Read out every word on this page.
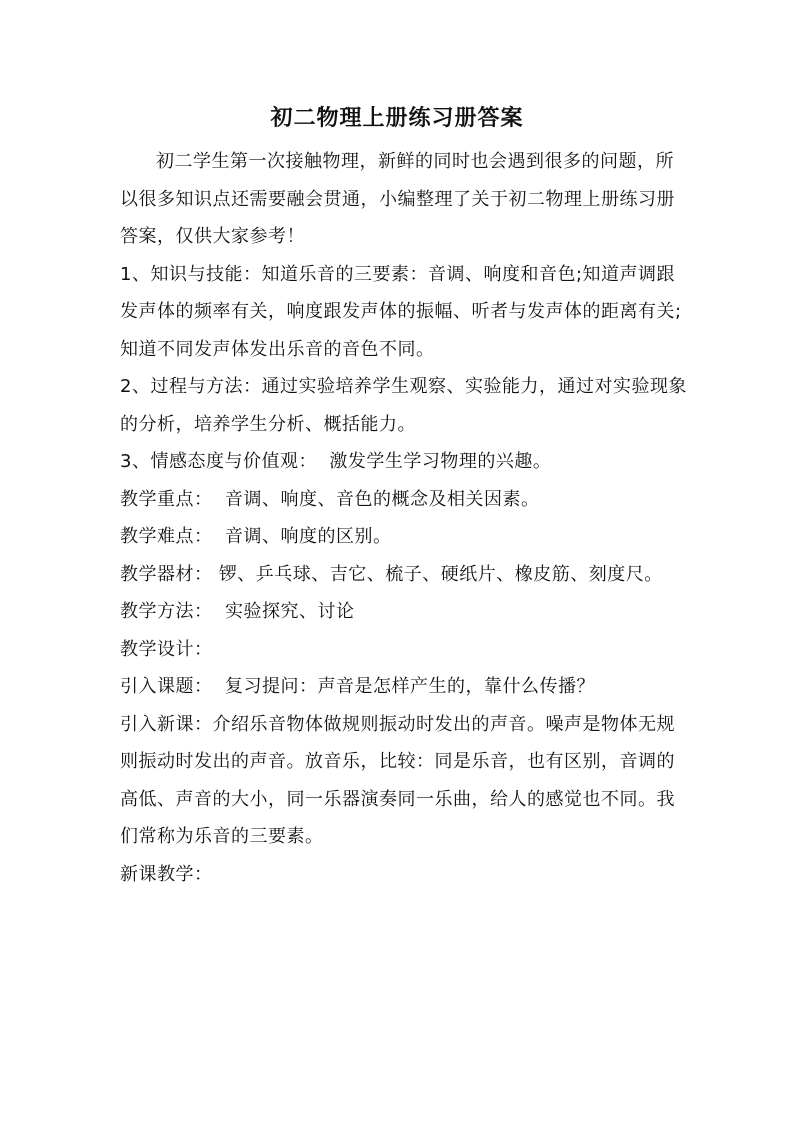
初二物理上册练习册答案

初二学生第一次接触物理，新鲜的同时也会遇到很多的问题，所以很多知识点还需要融会贯通，小编整理了关于初二物理上册练习册答案，仅供大家参考！

1、知识与技能：知道乐音的三要素：音调、响度和音色;知道声调跟发声体的频率有关，响度跟发声体的振幅、听者与发声体的距离有关;知道不同发声体发出乐音的音色不同。

2、过程与方法：通过实验培养学生观察、实验能力，通过对实验现象的分析，培养学生分析、概括能力。

3、情感态度与价值观：  激发学生学习物理的兴趣。

教学重点：  音调、响度、音色的概念及相关因素。

教学难点：  音调、响度的区别。

教学器材： 锣、乒乓球、吉它、梳子、硬纸片、橡皮筋、刻度尺。

教学方法：  实验探究、讨论

教学设计：

引入课题：  复习提问：声音是怎样产生的，靠什么传播？

引入新课：介绍乐音物体做规则振动时发出的声音。噪声是物体无规则振动时发出的声音。放音乐，比较：同是乐音，也有区别，音调的高低、声音的大小，同一乐器演奏同一乐曲，给人的感觉也不同。我们常称为乐音的三要素。

新课教学：
